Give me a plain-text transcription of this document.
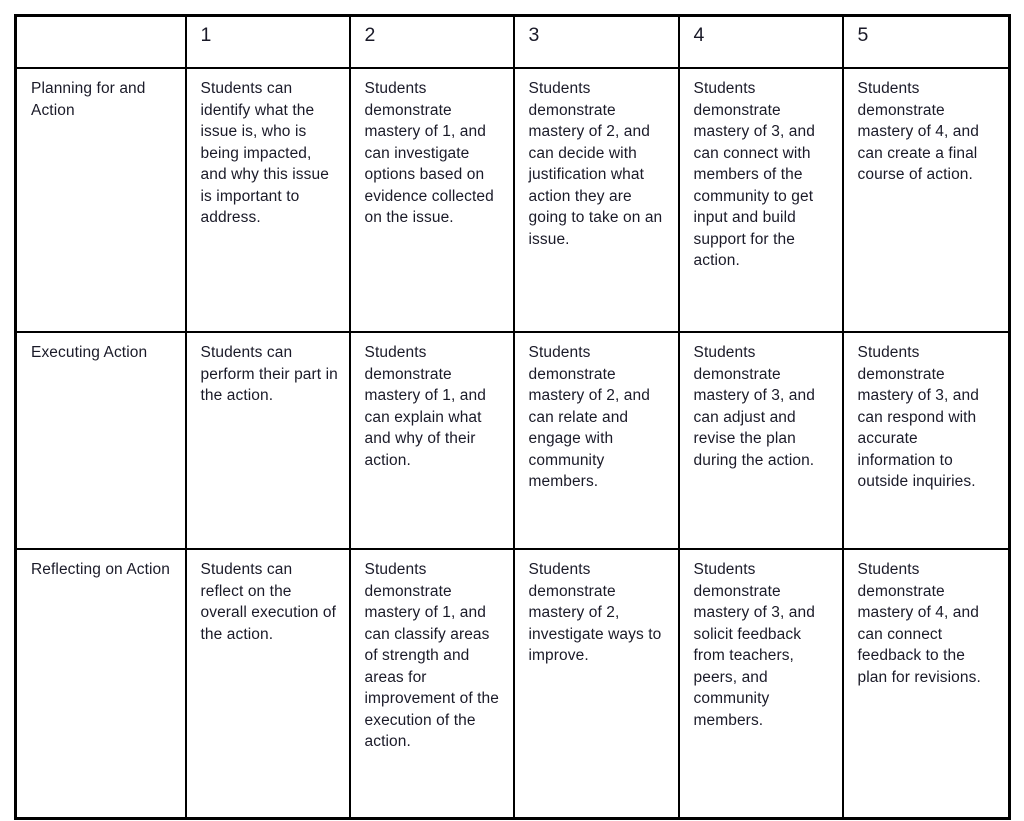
	1	2	3	4	5
Planning for and Action	Students can identify what the issue is, who is being impacted, and why this issue is important to address.	Students demonstrate mastery of 1, and can investigate options based on evidence collected on the issue.	Students demonstrate mastery of 2, and can decide with justification what action they are going to take on an issue.	Students demonstrate mastery of 3, and can connect with members of the community to get input and build support for the action.	Students demonstrate mastery of 4, and can create a final course of action.
Executing Action	Students can perform their part in the action.	Students demonstrate mastery of 1, and can explain what and why of their action.	Students demonstrate mastery of 2, and can relate and engage with community members.	Students demonstrate mastery of 3, and can adjust and revise the plan during the action.	Students demonstrate mastery of 3, and can respond with accurate information to outside inquiries.
Reflecting on Action	Students can reflect on the overall execution of the action.	Students demonstrate mastery of 1, and can classify areas of strength and areas for improvement of the execution of the action.	Students demonstrate mastery of 2, investigate ways to improve.	Students demonstrate mastery of 3, and solicit feedback from teachers, peers, and community members.	Students demonstrate mastery of 4, and can connect feedback to the plan for revisions.
